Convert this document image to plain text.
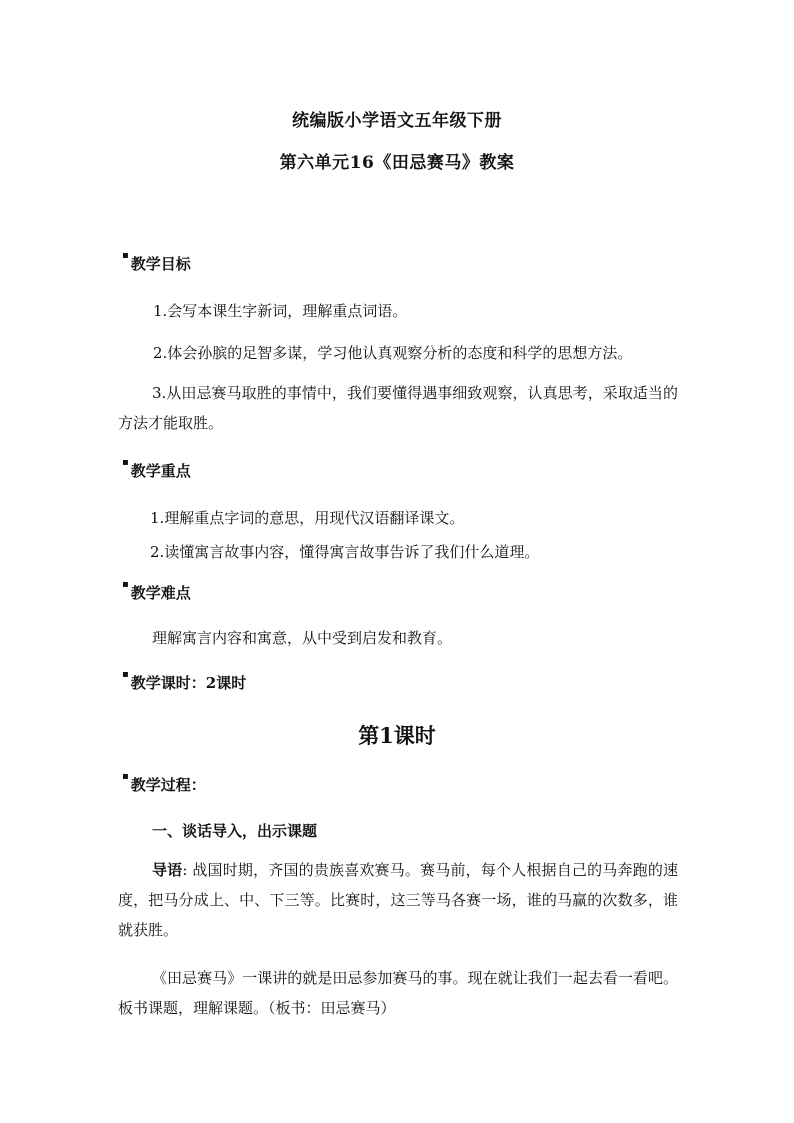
统编版小学语文五年级下册
第六单元16《田忌赛马》教案
▪ 教学目标
1.会写本课生字新词，理解重点词语。
2.体会孙膑的足智多谋，学习他认真观察分析的态度和科学的思想方法。
3.从田忌赛马取胜的事情中，我们要懂得遇事细致观察，认真思考，采取适当的方法才能取胜。
▪ 教学重点
1.理解重点字词的意思，用现代汉语翻译课文。
2.读懂寓言故事内容，懂得寓言故事告诉了我们什么道理。
▪ 教学难点
理解寓言内容和寓意，从中受到启发和教育。
▪ 教学课时：2课时
第1课时
▪ 教学过程：
一、谈话导入，出示课题
导语: 战国时期，齐国的贵族喜欢赛马。赛马前，每个人根据自己的马奔跑的速度，把马分成上、中、下三等。比赛时，这三等马各赛一场，谁的马赢的次数多，谁就获胜。
《田忌赛马》一课讲的就是田忌参加赛马的事。现在就让我们一起去看一看吧。板书课题，理解课题。（板书：田忌赛马）
